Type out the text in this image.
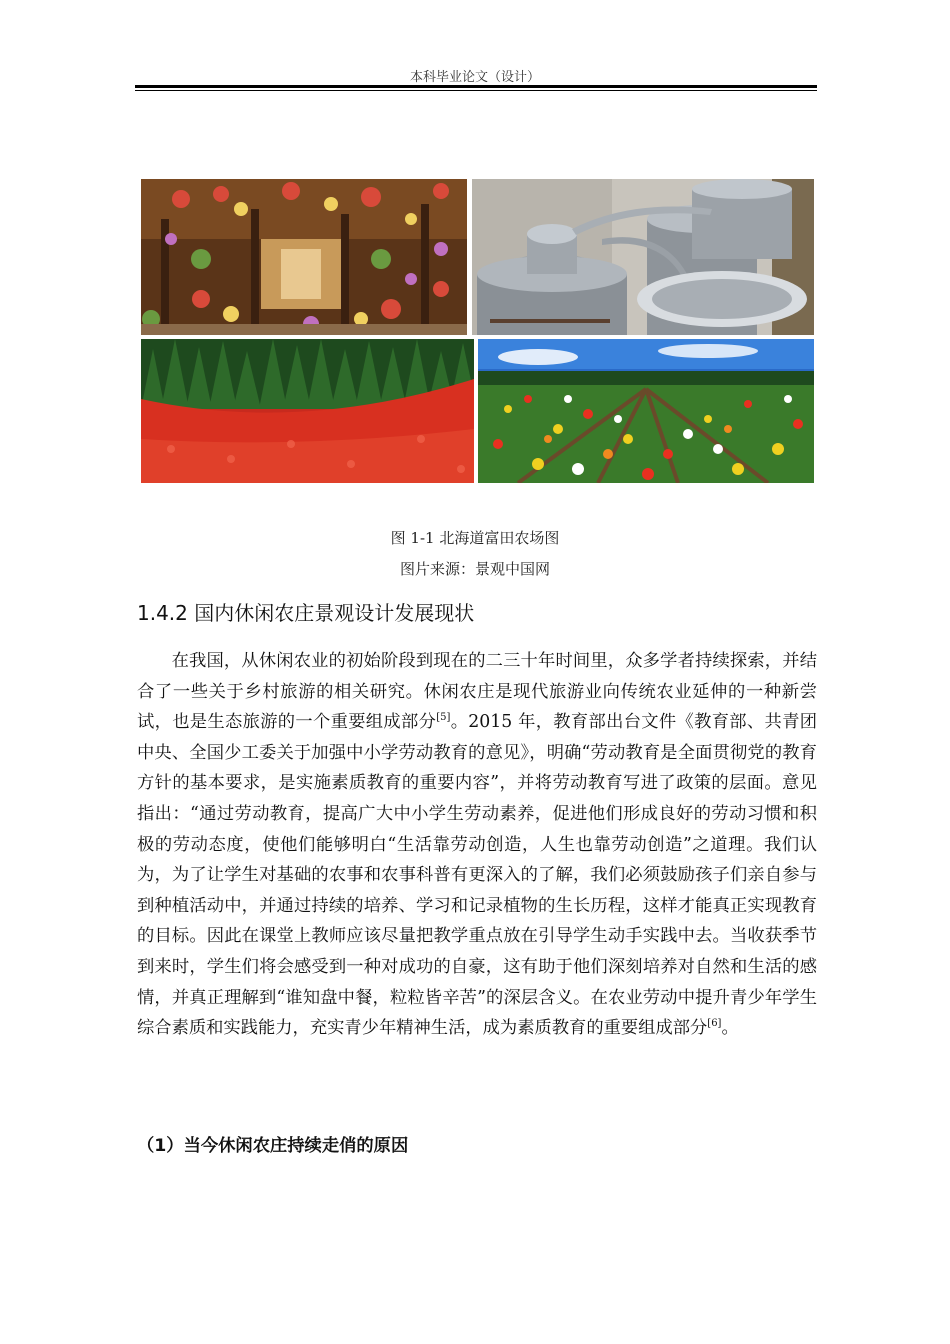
本科毕业论文（设计）
图 1-1 北海道富田农场图
图片来源：景观中国网
1.4.2 国内休闲农庄景观设计发展现状

在我国，从休闲农业的初始阶段到现在的二三十年时间里，众多学者持续探索，并结合了一些关于乡村旅游的相关研究。休闲农庄是现代旅游业向传统农业延伸的一种新尝试，也是生态旅游的一个重要组成部分[5]。2015 年，教育部出台文件《教育部、共青团中央、全国少工委关于加强中小学劳动教育的意见》，明确“劳动教育是全面贯彻党的教育方针的基本要求，是实施素质教育的重要内容”，并将劳动教育写进了政策的层面。意见指出：“通过劳动教育，提高广大中小学生劳动素养，促进他们形成良好的劳动习惯和积极的劳动态度，使他们能够明白“生活靠劳动创造，人生也靠劳动创造”之道理。我们认为，为了让学生对基础的农事和农事科普有更深入的了解，我们必须鼓励孩子们亲自参与到种植活动中，并通过持续的培养、学习和记录植物的生长历程，这样才能真正实现教育的目标。因此在课堂上教师应该尽量把教学重点放在引导学生动手实践中去。当收获季节到来时，学生们将会感受到一种对成功的自豪，这有助于他们深刻培养对自然和生活的感情，并真正理解到“谁知盘中餐，粒粒皆辛苦”的深层含义。在农业劳动中提升青少年学生综合素质和实践能力，充实青少年精神生活，成为素质教育的重要组成部分[6]。

（1）当今休闲农庄持续走俏的原因
